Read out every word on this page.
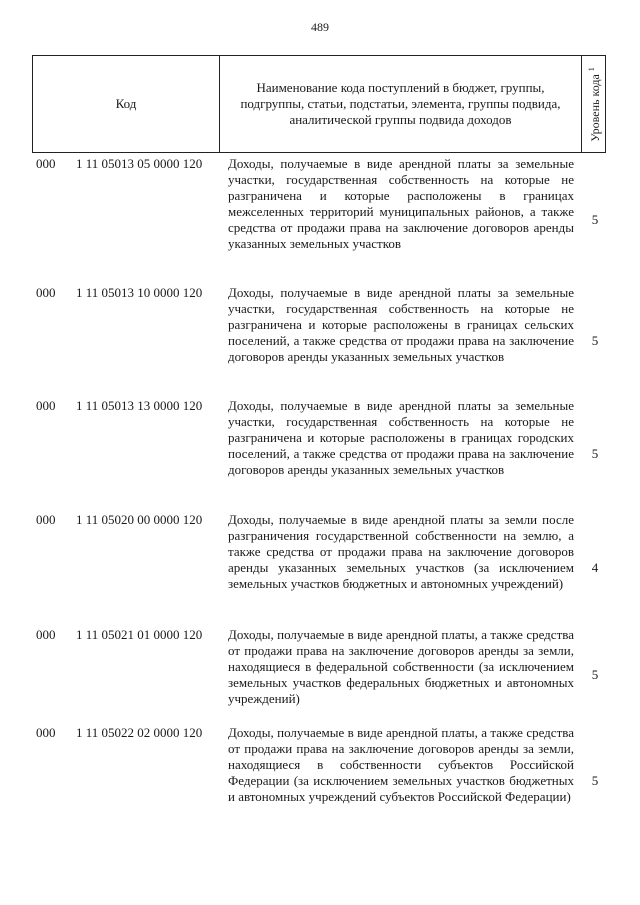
489
Код
Наименование кода поступлений в бюджет, группы, подгруппы, статьи, подстатьи, элемента, группы подвида, аналитической группы подвида доходов	Уровень кода $^1$
000 1 11 05013 05 0000 120 Доходы, получаемые в виде арендной платы за земельные участки, государственная собственность на которые не разграничена и которые расположены в границах межселенных территорий муниципальных районов, а также средства от продажи права на заключение договоров аренды указанных земельных участков
5
000 1 11 05013 10 0000 120 Доходы, получаемые в виде арендной платы за земельные участки, государственная собственность на которые не разграничена и которые расположены в границах сельских поселений, а также средства от продажи права на заключение договоров аренды указанных земельных участков
5
000 1 11 05013 13 0000 120 Доходы, получаемые в виде арендной платы за земельные участки, государственная собственность на которые не разграничена и которые расположены в границах городских поселений, а также средства от продажи права на заключение договоров аренды указанных земельных участков
5
000 1 11 05020 00 0000 120 Доходы, получаемые в виде арендной платы за земли после разграничения государственной собственности на землю, а также средства от продажи права на заключение договоров аренды указанных земельных участков (за исключением земельных участков бюджетных и автономных учреждений)
4
000 1 11 05021 01 0000 120 Доходы, получаемые в виде арендной платы, а также средства от продажи права на заключение договоров аренды за земли, находящиеся в федеральной собственности (за исключением земельных участков федеральных бюджетных и автономных учреждений)
5
000 1 11 05022 02 0000 120 Доходы, получаемые в виде арендной платы, а также средства от продажи права на заключение договоров аренды за земли, находящиеся в собственности субъектов Российской Федерации (за исключением земельных участков бюджетных и автономных учреждений субъектов Российской Федерации)
5
